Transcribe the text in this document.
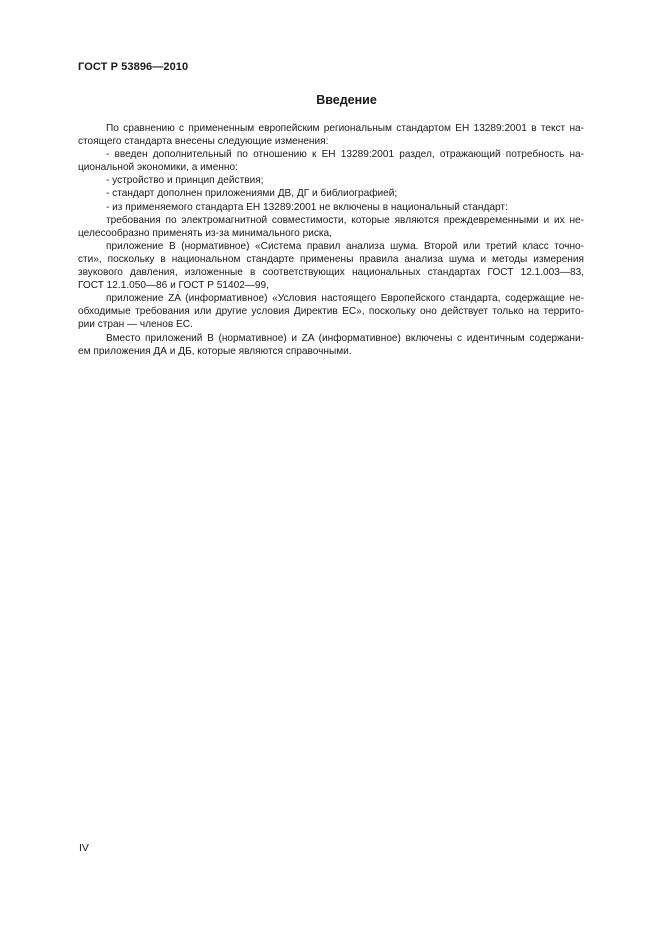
ГОСТ Р 53896—2010
Введение

По сравнению с примененным европейским региональным стандартом ЕН 13289:2001 в текст на-
стоящего стандарта внесены следующие изменения:

- введен дополнительный по отношению к ЕН 13289:2001 раздел, отражающий потребность на-
циональной экономики, а именно:

- устройство и принцип действия;

- стандарт дополнен приложениями ДВ, ДГ и библиографией;

- из применяемого стандарта ЕН 13289:2001 не включены в национальный стандарт:

требования по электромагнитной совместимости, которые являются преждевременными и их не-
целесообразно применять из-за минимального риска,

приложение В (нормативное) «Система правил анализа шума. Второй или третий класс точно-
сти», поскольку в национальном стандарте применены правила анализа шума и методы измерения
звукового давления, изложенные в соответствующих национальных стандартах ГОСТ 12.1.003—83,
ГОСТ 12.1.050—86 и ГОСТ Р 51402—99,

приложение ZA (информативное) «Условия настоящего Европейского стандарта, содержащие не-
обходимые требования или другие условия Директив ЕС», поскольку оно действует только на террито-
рии стран — членов ЕС.

Вместо приложений В (нормативное) и ZA (информативное) включены с идентичным содержани-
ем приложения ДА и ДБ, которые являются справочными.

IV
